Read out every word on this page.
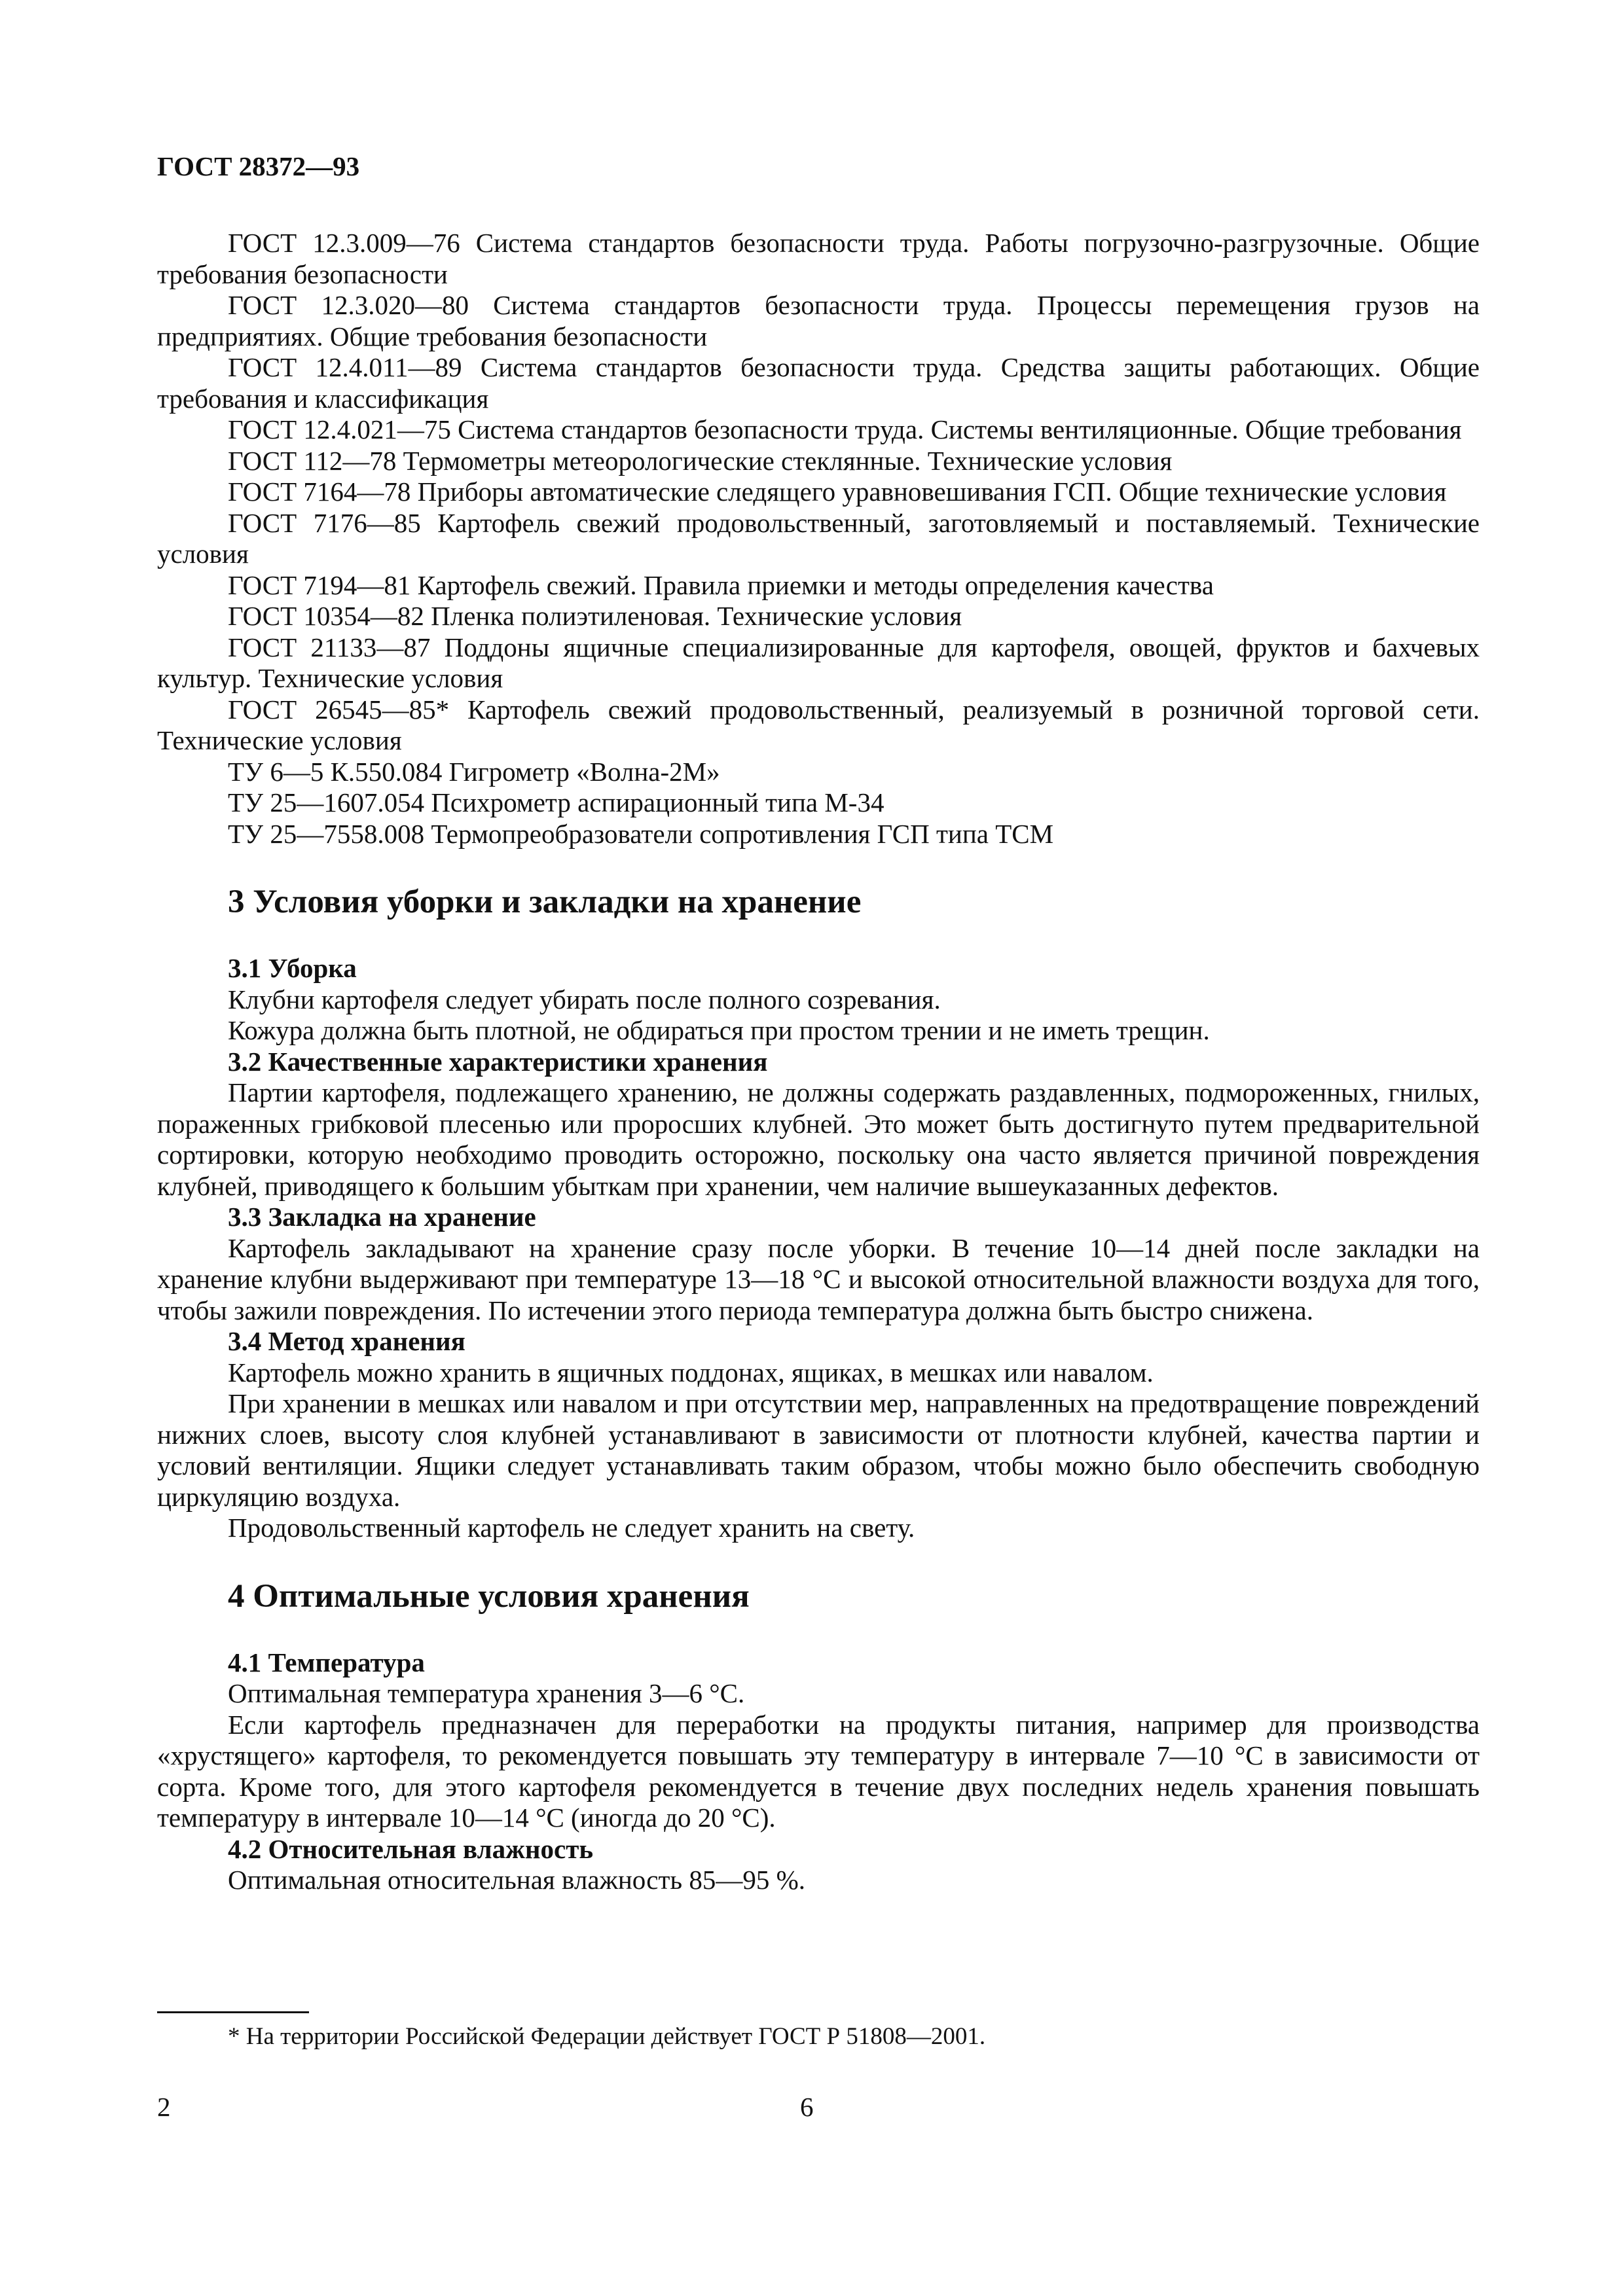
ГОСТ 28372—93

ГОСТ 12.3.009—76 Система стандартов безопасности труда. Работы погрузочно-разгрузочные. Общие требования безопасности

ГОСТ 12.3.020—80 Система стандартов безопасности труда. Процессы перемещения грузов на предприятиях. Общие требования безопасности

ГОСТ 12.4.011—89 Система стандартов безопасности труда. Средства защиты работающих. Общие требования и классификация

ГОСТ 12.4.021—75 Система стандартов безопасности труда. Системы вентиляционные. Общие требования

ГОСТ 112—78 Термометры метеорологические стеклянные. Технические условия

ГОСТ 7164—78 Приборы автоматические следящего уравновешивания ГСП. Общие технические условия

ГОСТ 7176—85 Картофель свежий продовольственный, заготовляемый и поставляемый. Технические условия

ГОСТ 7194—81 Картофель свежий. Правила приемки и методы определения качества

ГОСТ 10354—82 Пленка полиэтиленовая. Технические условия

ГОСТ 21133—87 Поддоны ящичные специализированные для картофеля, овощей, фруктов и бахчевых культур. Технические условия

ГОСТ 26545—85* Картофель свежий продовольственный, реализуемый в розничной торговой сети. Технические условия

ТУ 6—5 К.550.084 Гигрометр «Волна-2М»

ТУ 25—1607.054 Психрометр аспирационный типа М-34

ТУ 25—7558.008 Термопреобразователи сопротивления ГСП типа ТСМ

3 Условия уборки и закладки на хранение
3.1 Уборка

Клубни картофеля следует убирать после полного созревания.

Кожура должна быть плотной, не обдираться при простом трении и не иметь трещин.

3.2 Качественные характеристики хранения

Партии картофеля, подлежащего хранению, не должны содержать раздавленных, подмороженных, гнилых, пораженных грибковой плесенью или проросших клубней. Это может быть достигнуто путем предварительной сортировки, которую необходимо проводить осторожно, поскольку она часто является причиной повреждения клубней, приводящего к большим убыткам при хранении, чем наличие вышеуказанных дефектов.

3.3 Закладка на хранение

Картофель закладывают на хранение сразу после уборки. В течение 10—14 дней после закладки на хранение клубни выдерживают при температуре 13—18 °C и высокой относительной влажности воздуха для того, чтобы зажили повреждения. По истечении этого периода температура должна быть быстро снижена.

3.4 Метод хранения

Картофель можно хранить в ящичных поддонах, ящиках, в мешках или навалом.

При хранении в мешках или навалом и при отсутствии мер, направленных на предотвращение повреждений нижних слоев, высоту слоя клубней устанавливают в зависимости от плотности клубней, качества партии и условий вентиляции. Ящики следует устанавливать таким образом, чтобы можно было обеспечить свободную циркуляцию воздуха.

Продовольственный картофель не следует хранить на свету.

4 Оптимальные условия хранения
4.1 Температура

Оптимальная температура хранения 3—6 °C.

Если картофель предназначен для переработки на продукты питания, например для производства «хрустящего» картофеля, то рекомендуется повышать эту температуру в интервале 7—10 °C в зависимости от сорта. Кроме того, для этого картофеля рекомендуется в течение двух последних недель хранения повышать температуру в интервале 10—14 °C (иногда до 20 °C).

4.2 Относительная влажность

Оптимальная относительная влажность 85—95 %.

* На территории Российской Федерации действует ГОСТ Р 51808—2001.

2	6
